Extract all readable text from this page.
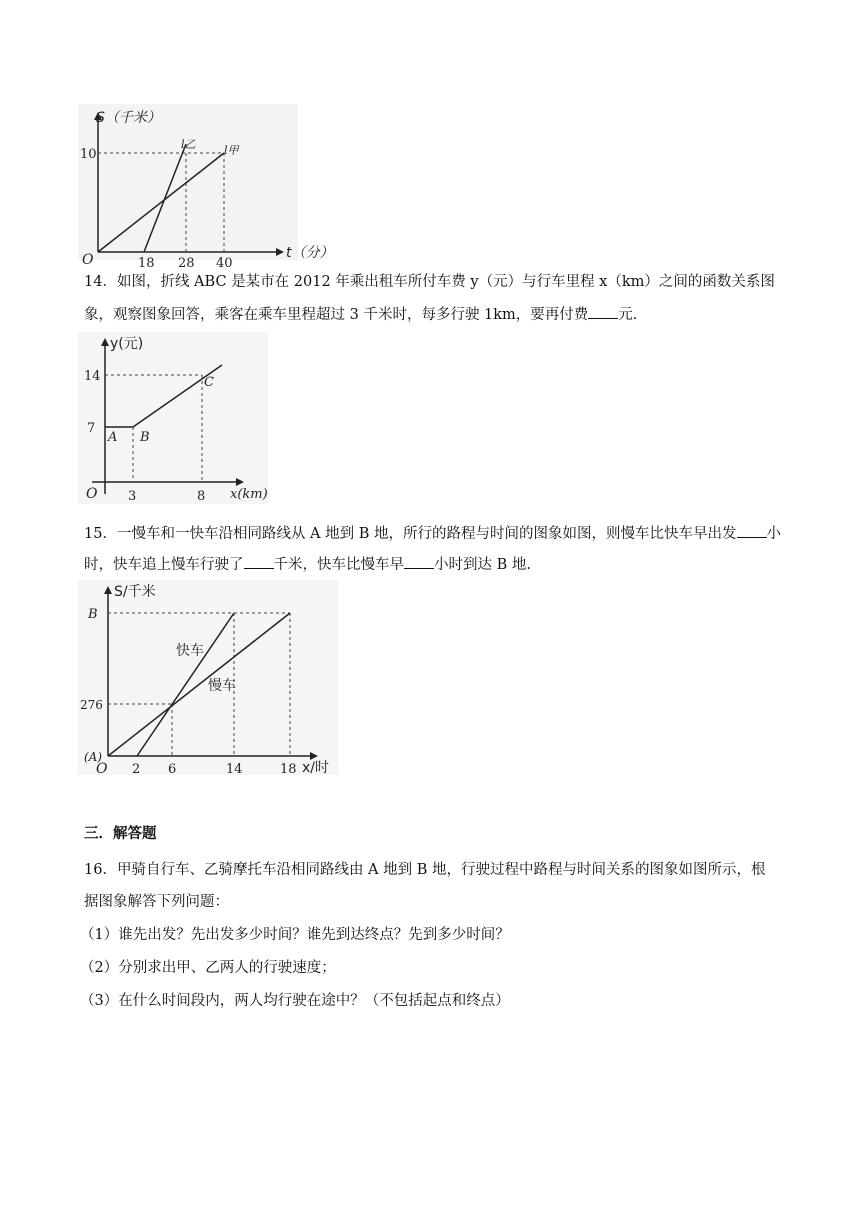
S（千米）
t（分）
O
10
18 28 40
l乙	l甲
14．如图，折线 ABC 是某市在 2012 年乘出租车所付车费 y（元）与行车里程 x（km）之间的函数关系图
象，观察图象回答，乘客在乘车里程超过 3 千米时，每多行驶 1km，要再付费 元.
y(元)
x(km)
O
7
14
3	8
A B
C
15．一慢车和一快车沿相同路线从 A 地到 B 地，所行的路程与时间的图象如图，则慢车比快车早出发 小
时，快车追上慢车行驶了 千米，快车比慢车早 小时到达 B 地.
S/千米
x/时
O
(A)
B
276
2 6	14	18
快车
慢车
三．解答题
16．甲骑自行车、乙骑摩托车沿相同路线由 A 地到 B 地，行驶过程中路程与时间关系的图象如图所示，根
据图象解答下列问题：
（1）谁先出发？先出发多少时间？谁先到达终点？先到多少时间？
（2）分别求出甲、乙两人的行驶速度；
（3）在什么时间段内，两人均行驶在途中？（不包括起点和终点）
